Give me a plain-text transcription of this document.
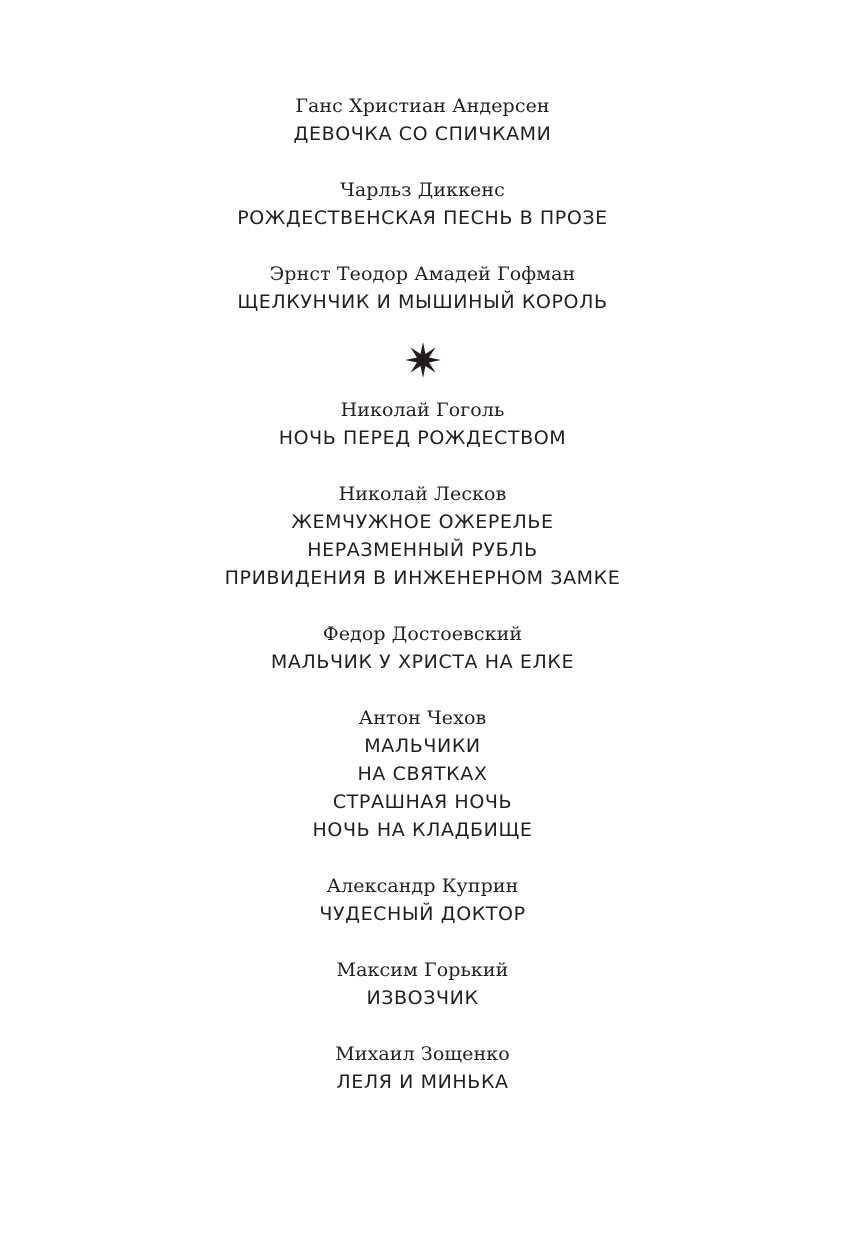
Ганс Христиан Андерсен
ДЕВОЧКА СО СПИЧКАМИ
Чарльз Диккенс
РОЖДЕСТВЕНСКАЯ ПЕСНЬ В ПРОЗЕ
Эрнст Теодор Амадей Гофман
ЩЕЛКУНЧИК И МЫШИНЫЙ КОРОЛЬ
Николай Гоголь
НОЧЬ ПЕРЕД РОЖДЕСТВОМ
Николай Лесков
ЖЕМЧУЖНОЕ ОЖЕРЕЛЬЕ
НЕРАЗМЕННЫЙ РУБЛЬ
ПРИВИДЕНИЯ В ИНЖЕНЕРНОМ ЗАМКЕ
Федор Достоевский
МАЛЬЧИК У ХРИСТА НА ЕЛКЕ
Антон Чехов
МАЛЬЧИКИ
НА СВЯТКАХ
СТРАШНАЯ НОЧЬ
НОЧЬ НА КЛАДБИЩЕ
Александр Куприн
ЧУДЕСНЫЙ ДОКТОР
Максим Горький
ИЗВОЗЧИК
Михаил Зощенко
ЛЕЛЯ И МИНЬКА
